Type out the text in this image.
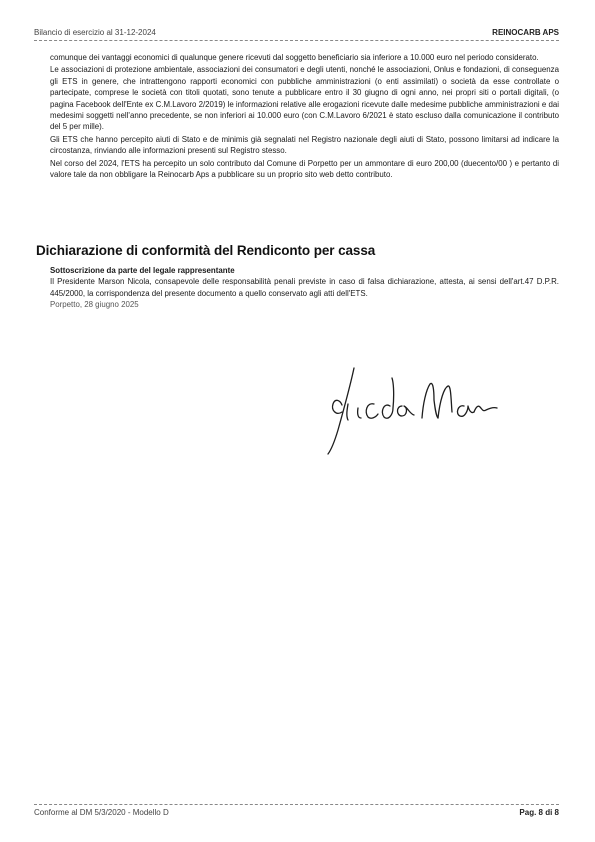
Bilancio di esercizio al 31-12-2024	REINOCARB APS

comunque dei vantaggi economici di qualunque genere ricevuti dal soggetto beneficiario sia inferiore a 10.000 euro nel periodo considerato.

Le associazioni di protezione ambientale, associazioni dei consumatori e degli utenti, nonché le associazioni, Onlus e fondazioni, di conseguenza gli ETS in genere, che intrattengono rapporti economici con pubbliche amministrazioni (o enti assimilati) o società da esse controllate o partecipate, comprese le società con titoli quotati, sono tenute a pubblicare entro il 30 giugno di ogni anno, nei propri siti o portali digitali, (o pagina Facebook dell'Ente ex C.M.Lavoro 2/2019) le informazioni relative alle erogazioni ricevute dalle medesime pubbliche amministrazioni e dai medesimi soggetti nell'anno precedente, se non inferiori ai 10.000 euro (con C.M.Lavoro 6/2021 è stato escluso dalla comunicazione il contributo del 5 per mille).

Gli ETS che hanno percepito aiuti di Stato e de minimis già segnalati nel Registro nazionale degli aiuti di Stato, possono limitarsi ad indicare la circostanza, rinviando alle informazioni presenti sul Registro stesso.

Nel corso del 2024, l'ETS ha percepito un solo contributo dal Comune di Porpetto per un ammontare di euro 200,00 (duecento/00 ) e pertanto di valore tale da non obbligare la Reinocarb Aps a pubblicare su un proprio sito web detto contributo.

Dichiarazione di conformità del Rendiconto per cassa

Sottoscrizione da parte del legale rappresentante

Il Presidente Marson Nicola, consapevole delle responsabilità penali previste in caso di falsa dichiarazione, attesta, ai sensi dell'art.47 D.P.R. 445/2000, la corrispondenza del presente documento a quello conservato agli atti dell'ETS.

Porpetto, 28 giugno 2025

Conforme al DM 5/3/2020 - Modello D	Pag. 8 di 8
